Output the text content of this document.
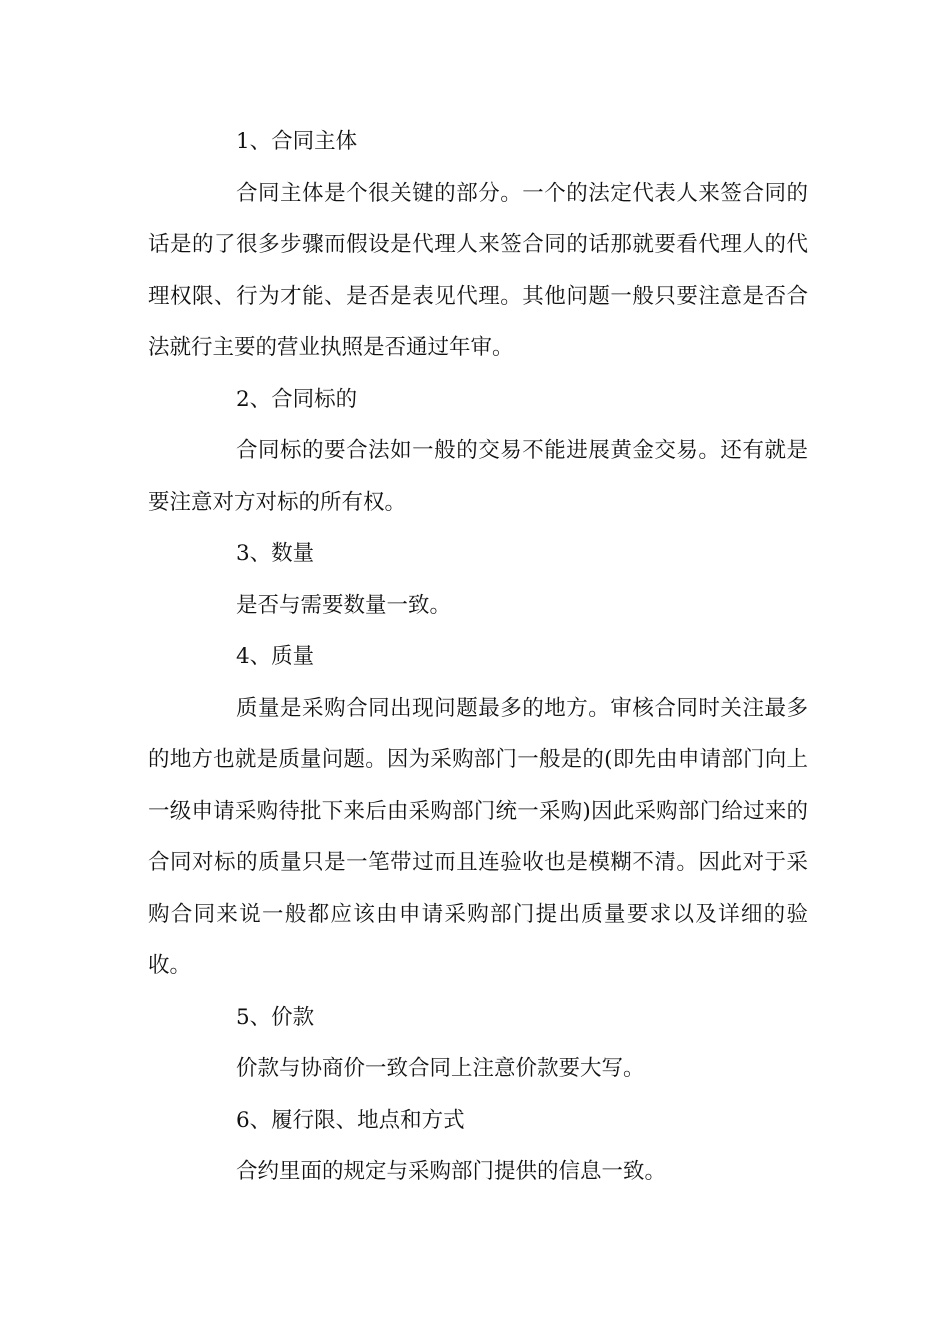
1、合同主体

合同主体是个很关键的部分。一个的法定代表人来签合同的话是的了很多步骤而假设是代理人来签合同的话那就要看代理人的代理权限、行为才能、是否是表见代理。其他问题一般只要注意是否合法就行主要的营业执照是否通过年审。

2、合同标的

合同标的要合法如一般的交易不能进展黄金交易。还有就是要注意对方对标的所有权。

3、数量

是否与需要数量一致。

4、质量

质量是采购合同出现问题最多的地方。审核合同时关注最多的地方也就是质量问题。因为采购部门一般是的(即先由申请部门向上一级申请采购待批下来后由采购部门统一采购)因此采购部门给过来的合同对标的质量只是一笔带过而且连验收也是模糊不清。因此对于采购合同来说一般都应该由申请采购部门提出质量要求以及详细的验收。

5、价款

价款与协商价一致合同上注意价款要大写。

6、履行限、地点和方式

合约里面的规定与采购部门提供的信息一致。
